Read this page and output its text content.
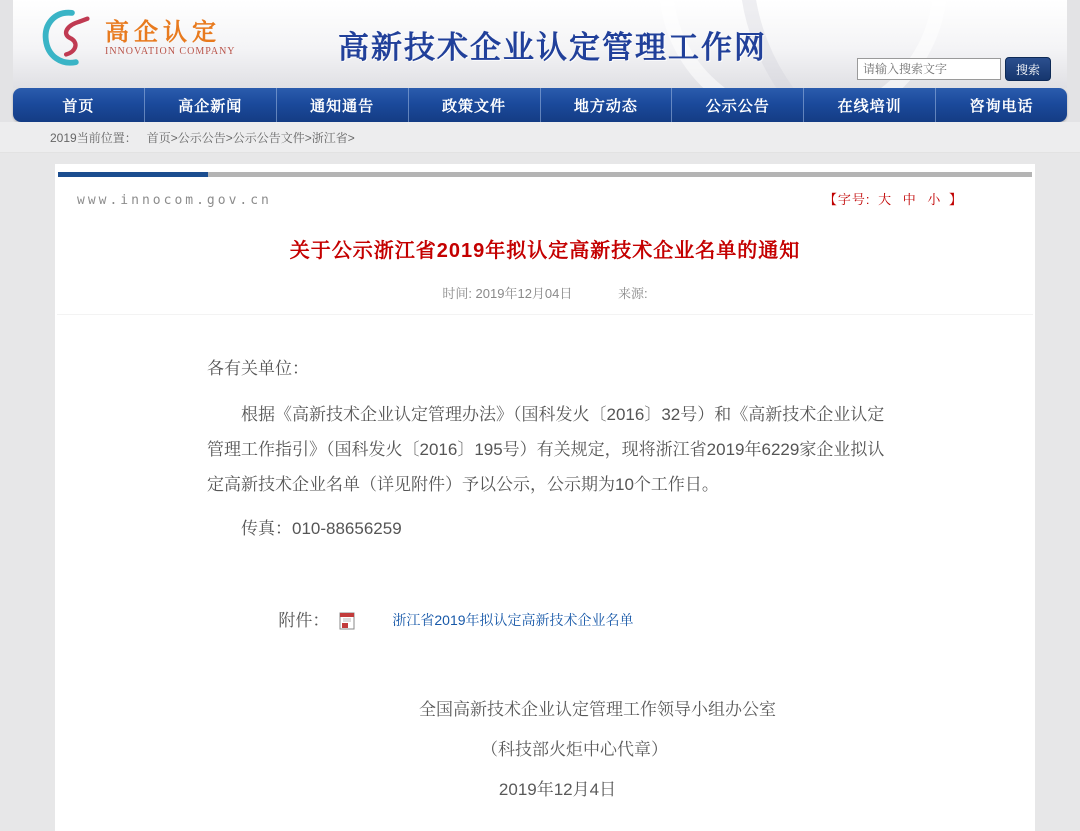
高企认定
INNOVATION COMPANY	高新技术企业认定管理工作网
请输入搜索文字
搜索
首页	高企新闻	通知通告	政策文件	地方动态	公示公告	在线培训	咨询电话
2019当前位置： 首页>公示公告>公示公告文件>浙江省>
www.innocom.gov.cn	【字号: 大 中 小 】
关于公示浙江省2019年拟认定高新技术企业名单的通知
时间: 2019年12月04日	来源:
各有关单位：
根据《高新技术企业认定管理办法》（国科发火〔2016〕32号）和《高新技术企业认定管理工作指引》（国科发火〔2016〕195号）有关规定，现将浙江省2019年6229家企业拟认定高新技术企业名单（详见附件）予以公示，公示期为10个工作日。
传真：010-88656259
附件：	浙江省2019年拟认定高新技术企业名单
全国高新技术企业认定管理工作领导小组办公室
（科技部火炬中心代章）
2019年12月4日
